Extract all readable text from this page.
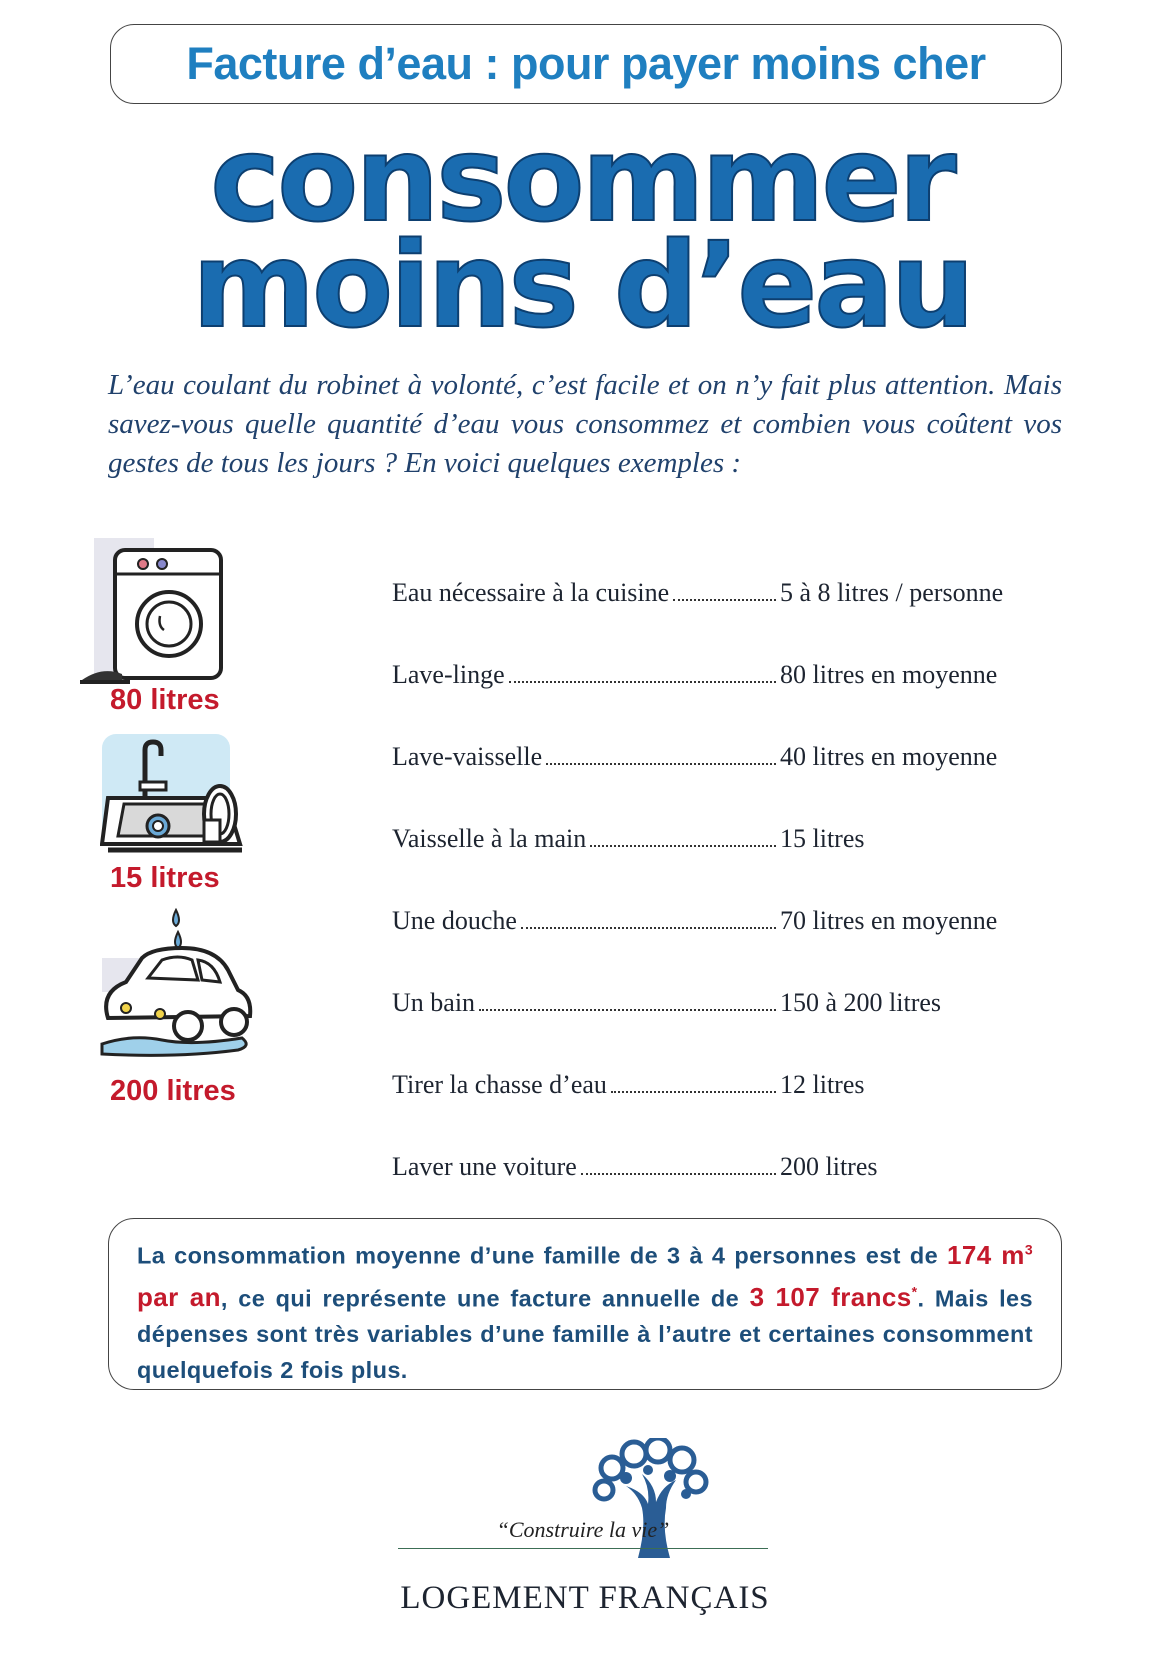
Facture d’eau : pour payer moins cher
consommer
moins d’eau
L’eau coulant du robinet à volonté, c’est facile et on n’y fait plus attention. Mais savez-vous quelle quantité d’eau vous consommez et combien vous coûtent vos gestes de tous les jours ? En voici quelques exemples :
80 litres
15 litres
200 litres
Eau nécessaire à la cuisine	5 à 8 litres / personne
Lave-linge	80 litres en moyenne
Lave-vaisselle	40 litres en moyenne
Vaisselle à la main	15 litres
Une douche	70 litres en moyenne
Un bain	150 à 200 litres
Tirer la chasse d’eau	12 litres
Laver une voiture	200 litres
La consommation moyenne d’une famille de 3 à 4 personnes est de 174 $m^3$ par an, ce qui représente une facture annuelle de 3 107 francs*. Mais les dépenses sont très variables d’une famille à l’autre et certaines consomment quelquefois 2 fois plus.
“Construire la vie”
LOGEMENT FRANÇAIS
